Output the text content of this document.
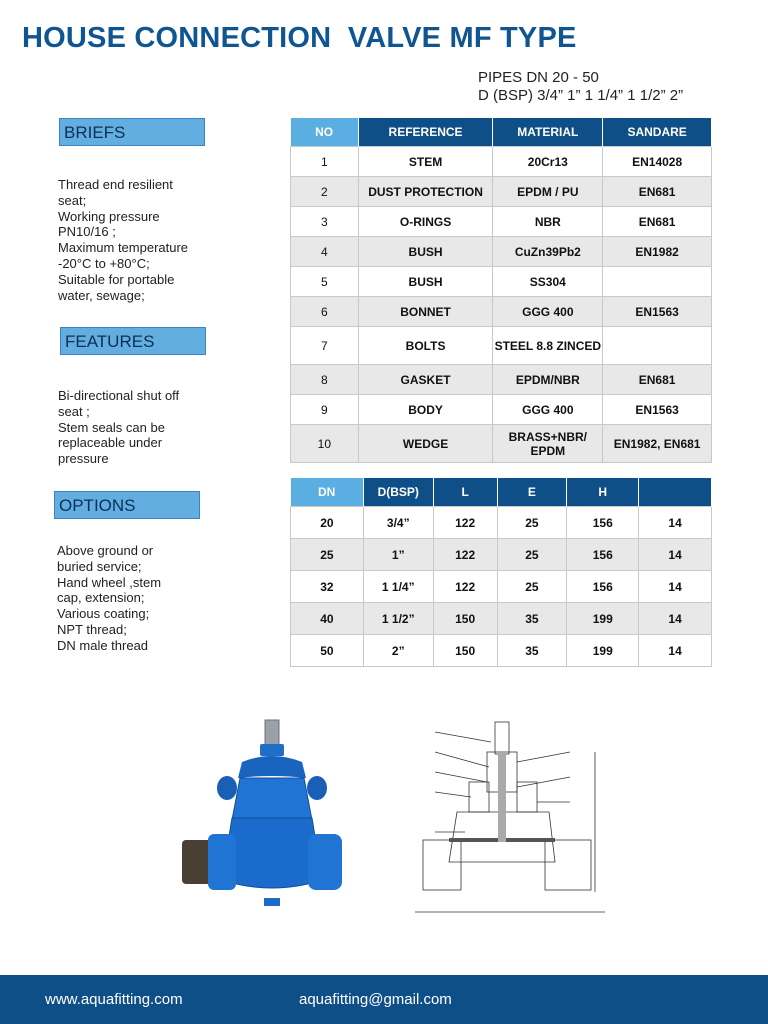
HOUSE CONNECTION  VALVE MF TYPE
PIPES DN 20 - 50
D (BSP) 3/4” 1” 1 1/4” 1 1/2” 2”
BRIEFS
Thread end resilient
seat;
Working pressure
PN10/16 ;
Maximum temperature
-20°C to +80°C;
Suitable for portable
water, sewage;
FEATURES
Bi-directional shut off
seat ;
Stem seals can be
replaceable under
pressure
OPTIONS
Above ground or
buried service;
Hand wheel ,stem
cap, extension;
Various coating;
NPT thread;
DN male thread
NO	REFERENCE	MATERIAL	SANDARE
1	STEM	20Cr13	EN14028
2	DUST PROTECTION	EPDM / PU	EN681
3	O-RINGS	NBR	EN681
4	BUSH	CuZn39Pb2	EN1982
5	BUSH	SS304	
6	BONNET	GGG 400	EN1563
7	BOLTS	STEEL 8.8 ZINCED	
8	GASKET	EPDM/NBR	EN681
9	BODY	GGG 400	EN1563
10	WEDGE	BRASS+NBR/ EPDM	EN1982, EN681
DN	D(BSP)	L	E	H	
20	3/4”	122	25	156	14
25	1”	122	25	156	14
32	1 1/4”	122	25	156	14
40	1 1/2”	150	35	199	14
50	2”	150	35	199	14
www.aquafitting.com	aquafitting@gmail.com
